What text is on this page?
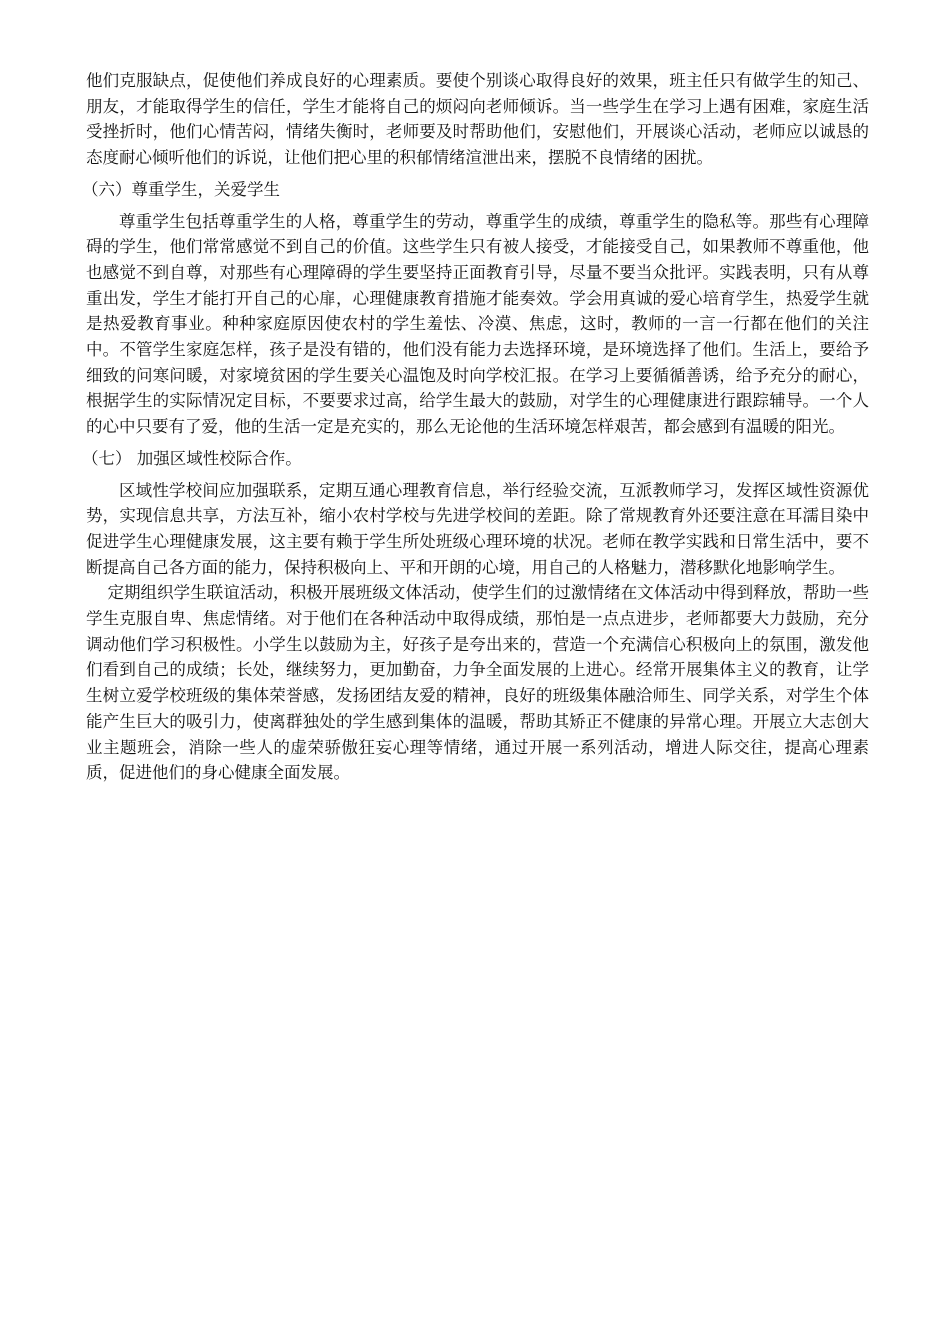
他们克服缺点，促使他们养成良好的心理素质。要使个别谈心取得良好的效果，班主任只有做学生的知己、朋友，才能取得学生的信任，学生才能将自己的烦闷向老师倾诉。当一些学生在学习上遇有困难，家庭生活受挫折时，他们心情苦闷，情绪失衡时，老师要及时帮助他们，安慰他们，开展谈心活动，老师应以诚恳的态度耐心倾听他们的诉说，让他们把心里的积郁情绪渲泄出来，摆脱不良情绪的困扰。

（六）尊重学生，关爱学生

尊重学生包括尊重学生的人格，尊重学生的劳动，尊重学生的成绩，尊重学生的隐私等。那些有心理障碍的学生，他们常常感觉不到自己的价值。这些学生只有被人接受，才能接受自己，如果教师不尊重他，他也感觉不到自尊，对那些有心理障碍的学生要坚持正面教育引导，尽量不要当众批评。实践表明，只有从尊重出发，学生才能打开自己的心扉，心理健康教育措施才能奏效。学会用真诚的爱心培育学生，热爱学生就是热爱教育事业。种种家庭原因使农村的学生羞怯、冷漠、焦虑，这时，教师的一言一行都在他们的关注中。不管学生家庭怎样，孩子是没有错的，他们没有能力去选择环境，是环境选择了他们。生活上，要给予细致的问寒问暖，对家境贫困的学生要关心温饱及时向学校汇报。在学习上要循循善诱，给予充分的耐心，根据学生的实际情况定目标，不要要求过高，给学生最大的鼓励，对学生的心理健康进行跟踪辅导。一个人的心中只要有了爱，他的生活一定是充实的，那么无论他的生活环境怎样艰苦，都会感到有温暖的阳光。

（七） 加强区域性校际合作。

区域性学校间应加强联系，定期互通心理教育信息，举行经验交流，互派教师学习，发挥区域性资源优势，实现信息共享，方法互补，缩小农村学校与先进学校间的差距。除了常规教育外还要注意在耳濡目染中促进学生心理健康发展，这主要有赖于学生所处班级心理环境的状况。老师在教学实践和日常生活中，要不断提高自己各方面的能力，保持积极向上、平和开朗的心境，用自己的人格魅力，潜移默化地影响学生。

定期组织学生联谊活动，积极开展班级文体活动，使学生们的过激情绪在文体活动中得到释放，帮助一些学生克服自卑、焦虑情绪。对于他们在各种活动中取得成绩，那怕是一点点进步，老师都要大力鼓励，充分调动他们学习积极性。小学生以鼓励为主，好孩子是夸出来的，营造一个充满信心积极向上的氛围，激发他们看到自己的成绩；长处，继续努力，更加勤奋，力争全面发展的上进心。经常开展集体主义的教育，让学生树立爱学校班级的集体荣誉感，发扬团结友爱的精神，良好的班级集体融洽师生、同学关系，对学生个体能产生巨大的吸引力，使离群独处的学生感到集体的温暖，帮助其矫正不健康的异常心理。开展立大志创大业主题班会，消除一些人的虚荣骄傲狂妄心理等情绪，通过开展一系列活动，增进人际交往，提高心理素质，促进他们的身心健康全面发展。
